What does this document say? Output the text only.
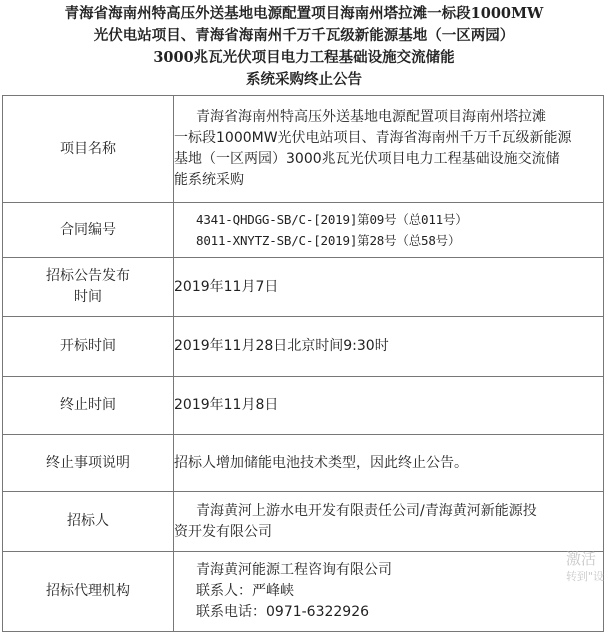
青海省海南州特高压外送基地电源配置项目海南州塔拉滩一标段1000MW
光伏电站项目、青海省海南州千万千瓦级新能源基地（一区两园）
3000兆瓦光伏项目电力工程基础设施交流储能
系统采购终止公告
项目名称	青海省海南州特高压外送基地电源配置项目海南州塔拉滩
一标段1000MW光伏电站项目、青海省海南州千万千瓦级新能源
基地（一区两园）3000兆瓦光伏项目电力工程基础设施交流储
能系统采购

合同编号	4341-QHDGG-SB/C-[2019]第09号（总011号）
8011-XNYTZ-SB/C-[2019]第28号（总58号）

招标公告发布
时间	2019年11月7日
开标时间	2019年11月28日北京时间9:30时
终止时间	2019年11月8日
终止事项说明	招标人增加储能电池技术类型，因此终止公告。
招标人	青海黄河上游水电开发有限责任公司/青海黄河新能源投
资开发有限公司

招标代理机构	青海黄河能源工程咨询有限公司
联系人：严峰峡
联系电话：0971-6322926
激活
转到"设
